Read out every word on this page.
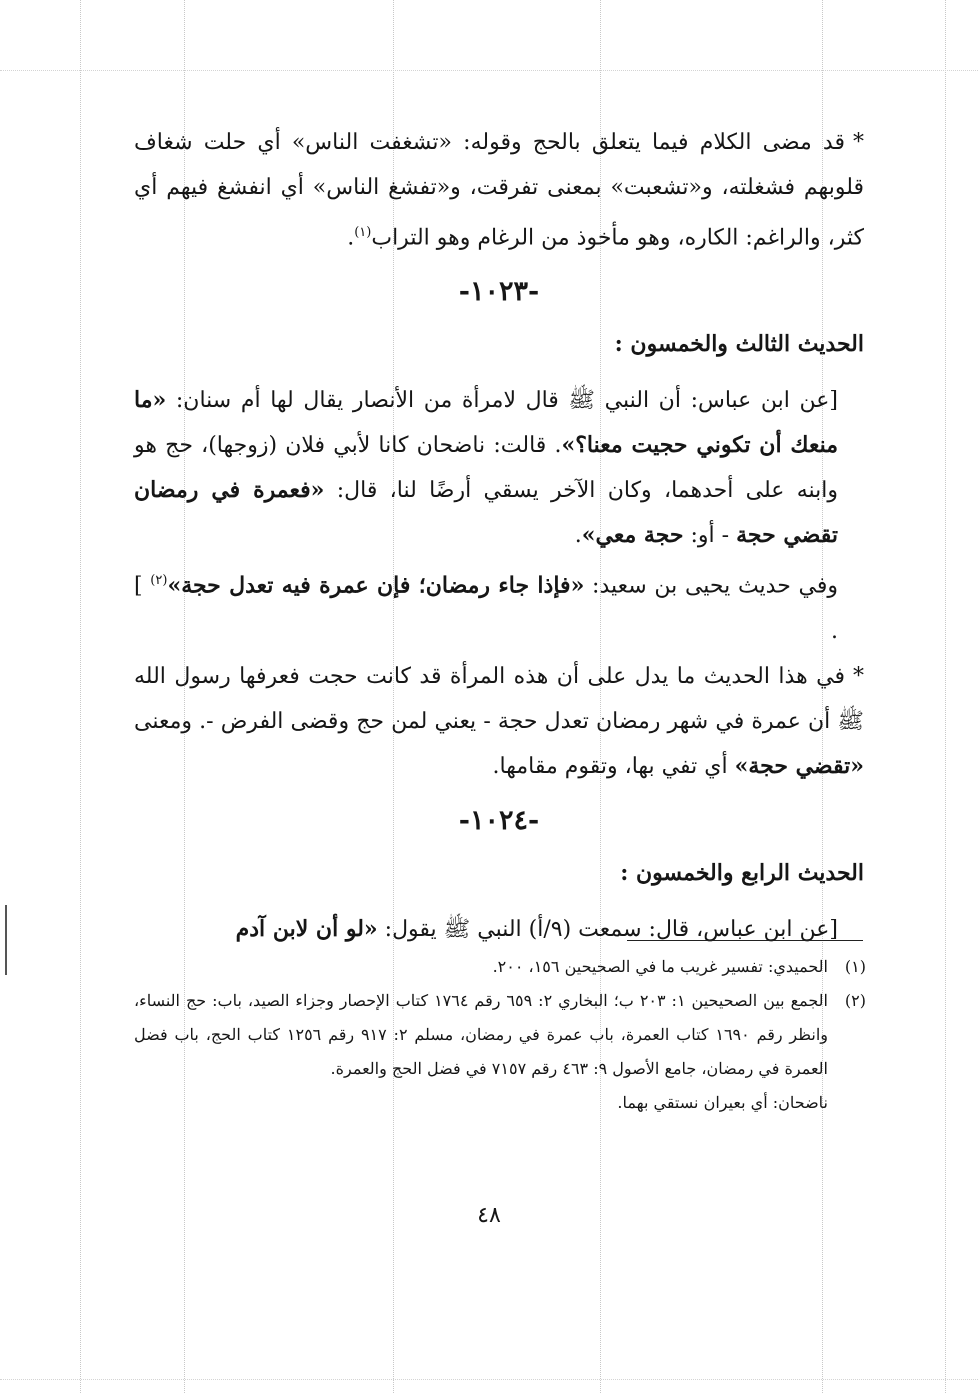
*قد مضى الكلام فيما يتعلق بالحج وقوله: «تشغفت الناس» أي حلت شغاف قلوبهم فشغلته، و«تشعبت» بمعنى تفرقت، و«تفشغ الناس» أي انفشغ فيهم أي كثر، والراغم: الكاره، وهو مأخوذ من الرغام وهو التراب$^{(١)}$.

-١٠٢٣-

الحديث الثالث والخمسون :

[عن ابن عباس: أن النبي ﷺ قال لامرأة من الأنصار يقال لها أم سنان: «ما منعك أن تكوني حجيت معنا؟». قالت: ناضحان كانا لأبي فلان (زوجها)، حج هو وابنه على أحدهما، وكان الآخر يسقي أرضًا لنا، قال: «فعمرة في رمضان تقضي حجة - أو: حجة معي».

وفي حديث يحيى بن سعيد: «فإذا جاء رمضان؛ فإن عمرة فيه تعدل حجة»$^{(٢)}$ ] .

*في هذا الحديث ما يدل على أن هذه المرأة قد كانت حجت فعرفها رسول الله ﷺ أن عمرة في شهر رمضان تعدل حجة - يعني لمن حج وقضى الفرض -. ومعنى «تقضي حجة» أي تفي بها، وتقوم مقامها.

-١٠٢٤-

الحديث الرابع والخمسون :

[عن ابن عباس، قال: سمعت (٩/أ) النبي ﷺ يقول: «لو أن لابن آدم

(١)
الحميدي: تفسير غريب ما في الصحيحين ١٥٦، ٢٠٠.
(٢)
الجمع بين الصحيحين ١: ٢٠٣ ب؛ البخاري ٢: ٦٥٩ رقم ١٧٦٤ كتاب الإحصار وجزاء الصيد، باب: حج النساء، وانظر رقم ١٦٩٠ كتاب العمرة، باب عمرة في رمضان، مسلم ٢: ٩١٧ رقم ١٢٥٦ كتاب الحج، باب فضل العمرة في رمضان، جامع الأصول ٩: ٤٦٣ رقم ٧١٥٧ في فضل الحج والعمرة.

ناضحان: أي بعيران نستقي بهما.

٤٨
